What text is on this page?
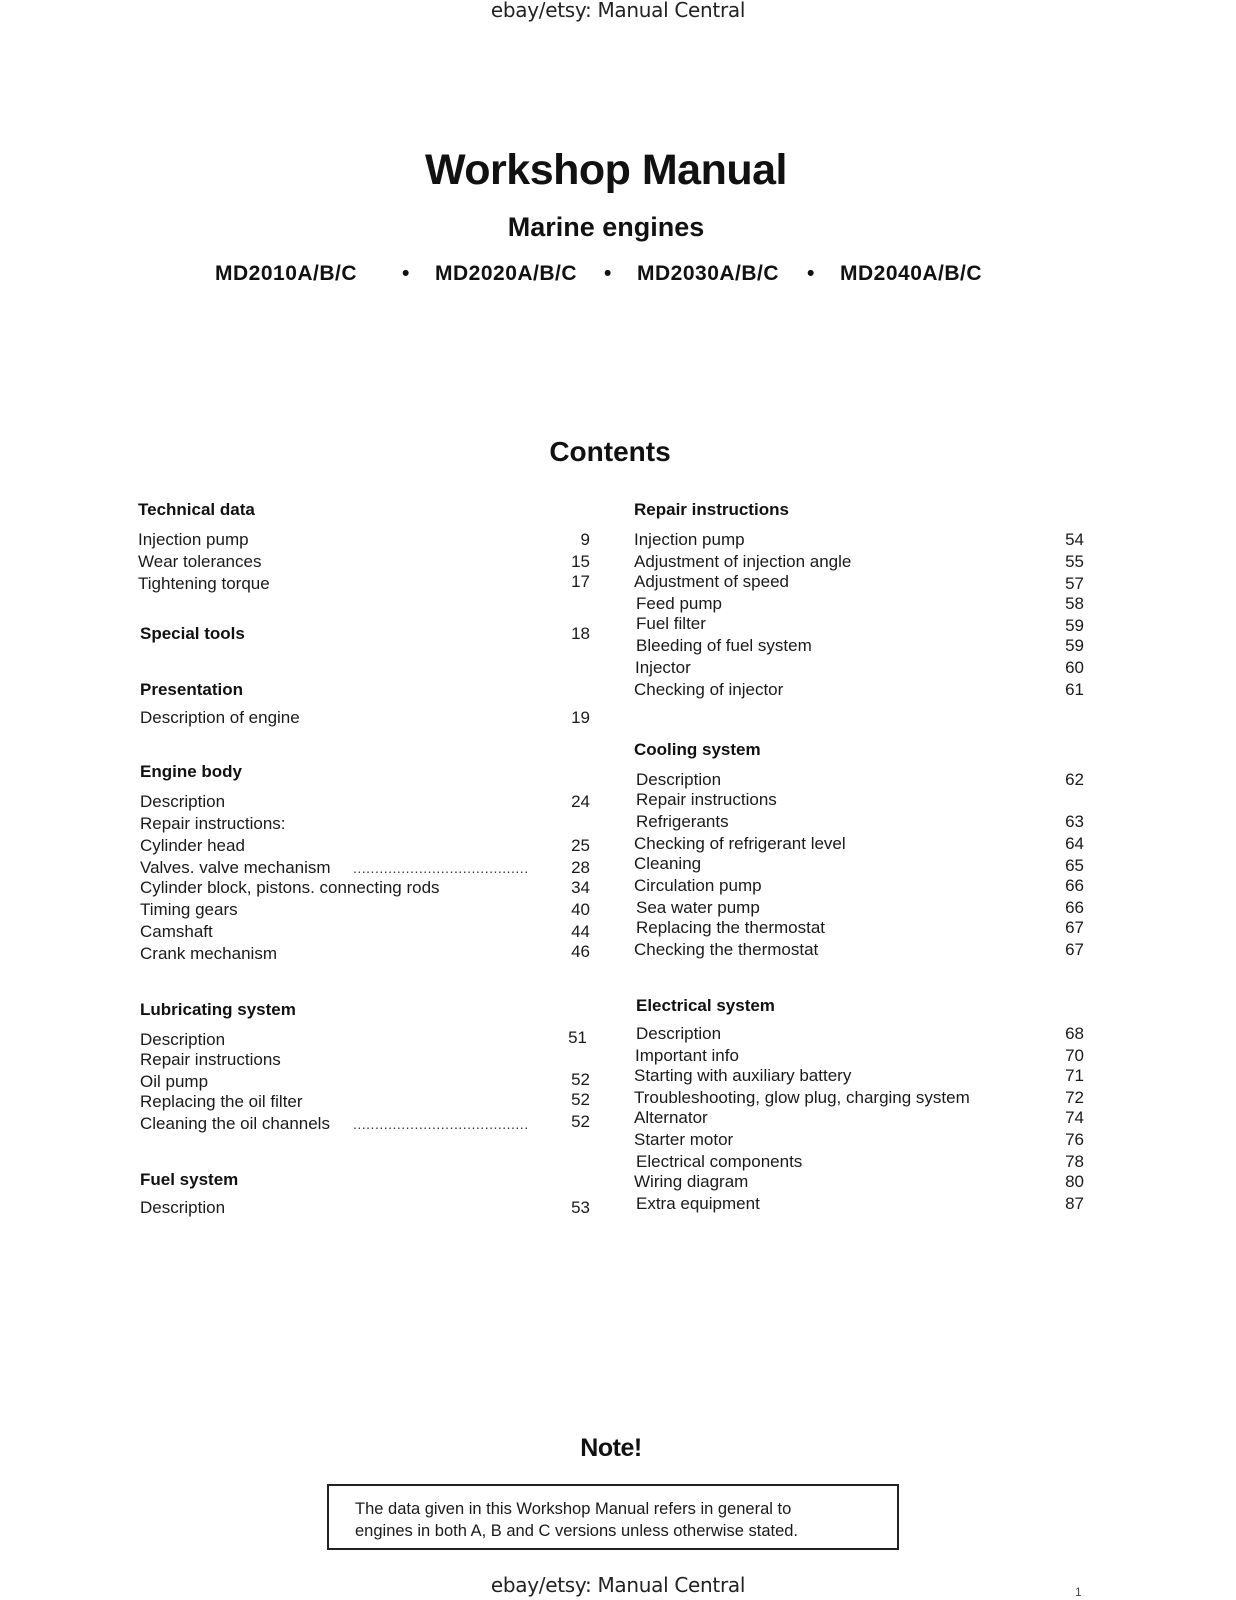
ebay/etsy: Manual Central
Workshop Manual
Marine engines
MD2010A/B/C • MD2020A/B/C • MD2030A/B/C • MD2040A/B/C
Contents
Technical data
Injection pump	9
Wear tolerances	15
Tightening torque	17
Special tools	18
Presentation
Description of engine	19
Engine body
Description	24
Repair instructions:
Cylinder head	25
Valves. valve mechanism ........................................	28
Cylinder block, pistons. connecting rods	34
Timing gears	40
Camshaft	44
Crank mechanism	46
Lubricating system
Description	51
Repair instructions
Oil pump	52
Replacing the oil filter	52
Cleaning the oil channels ........................................	52
Fuel system
Description	53
Repair instructions
Injection pump	54
Adjustment of injection angle	55
Adjustment of speed	57
Feed pump	58
Fuel filter	59
Bleeding of fuel system	59
Injector	60
Checking of injector	61
Cooling system
Description	62
Repair instructions
Refrigerants	63
Checking of refrigerant level	64
Cleaning	65
Circulation pump	66
Sea water pump	66
Replacing the thermostat	67
Checking the thermostat	67
Electrical system
Description	68
Important info	70
Starting with auxiliary battery	71
Troubleshooting, glow plug, charging system	72
Alternator	74
Starter motor	76
Electrical components	78
Wiring diagram	80
Extra equipment	87
Note!
The data given in this Workshop Manual refers in general to
engines in both A, B and C versions unless otherwise stated.
ebay/etsy: Manual Central	1
